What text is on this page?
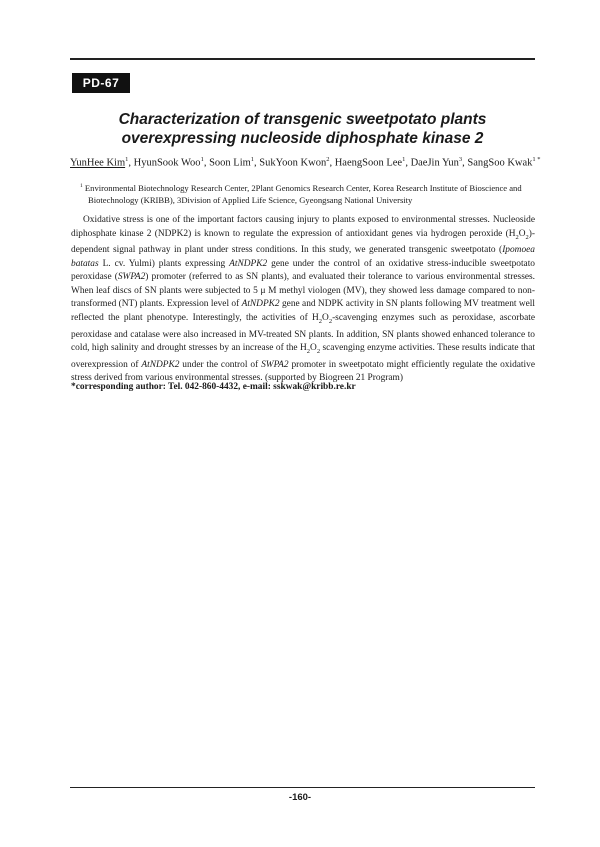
PD-67
Characterization of transgenic sweetpotato plants
overexpressing nucleoside diphosphate kinase 2
YunHee Kim$^1$, HyunSook Woo$^1$, Soon Lim$^1$, SukYoon Kwon$^2$, HaengSoon Lee$^1$, DaeJin Yun$^3$, SangSoo Kwak$^{1 *}$

$^1$ Environmental Biotechnology Research Center, 2Plant Genomics Research Center, Korea Research Institute of Bioscience and Biotechnology (KRIBB), 3Division of Applied Life Science, Gyeongsang National University

Oxidative stress is one of the important factors causing injury to plants exposed to environmental stresses. Nucleoside diphosphate kinase 2 (NDPK2) is known to regulate the expression of antioxidant genes via hydrogen peroxide $(H_2O_2)$-dependent signal pathway in plant under stress conditions. In this study, we generated transgenic sweetpotato (Ipomoea batatas L. cv. Yulmi) plants expressing AtNDPK2 gene under the control of an oxidative stress-inducible sweetpotato peroxidase (SWPA2) promoter (referred to as SN plants), and evaluated their tolerance to various environmental stresses. When leaf discs of SN plants were subjected to 5 μ M methyl viologen (MV), they showed less damage compared to non-transformed (NT) plants. Expression level of AtNDPK2 gene and NDPK activity in SN plants following MV treatment well reflected the plant phenotype. Interestingly, the activities of $H_2O_2$-scavenging enzymes such as peroxidase, ascorbate peroxidase and catalase were also increased in MV-treated SN plants. In addition, SN plants showed enhanced tolerance to cold, high salinity and drought stresses by an increase of the $H_2O_2$ scavenging enzyme activities. These results indicate that overexpression of AtNDPK2 under the control of SWPA2 promoter in sweetpotato might efficiently regulate the oxidative stress derived from various environmental stresses. (supported by Biogreen 21 Program)

*corresponding author: Tel. 042-860-4432, e-mail: sskwak@kribb.re.kr

-160-
